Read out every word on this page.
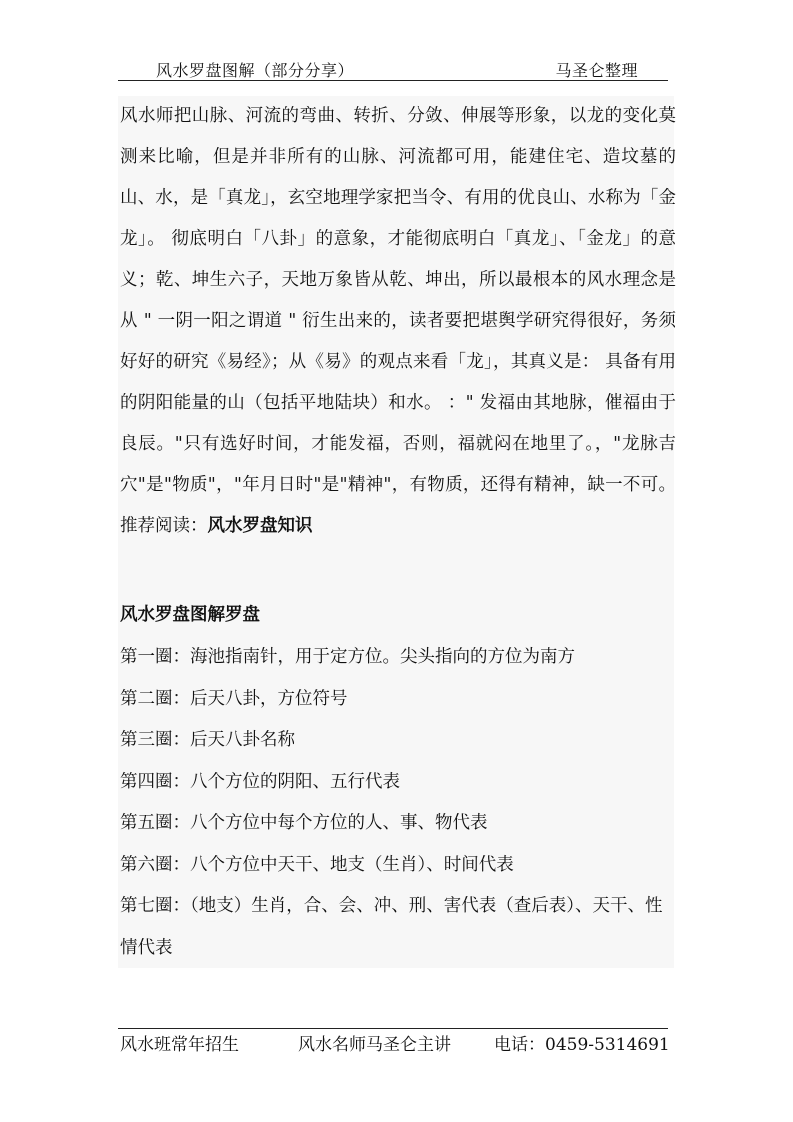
风水罗盘图解（部分分享）	马圣仑整理

风水师把山脉、河流的弯曲、转折、分敛、伸展等形象，以龙的变化莫测来比喻，但是并非所有的山脉、河流都可用，能建住宅、造坟墓的山、水，是「真龙」，玄空地理学家把当令、有用的优良山、水称为「金龙」。 彻底明白「八卦」的意象，才能彻底明白「真龙」、「金龙」的意义；乾、坤生六子，天地万象皆从乾、坤出，所以最根本的风水理念是从 " 一阴一阳之谓道 " 衍生出来的，读者要把堪舆学研究得很好，务须好好的研究《易经》；从《易》的观点来看「龙」，其真义是： 具备有用的阴阳能量的山（包括平地陆块）和水。 ：" 发福由其地脉，催福由于良辰。"只有选好时间，才能发福，否则，福就闷在地里了。，"龙脉吉穴"是"物质"，"年月日时"是"精神"，有物质，还得有精神，缺一不可。 推荐阅读：风水罗盘知识

风水罗盘图解罗盘
第一圈：海池指南针，用于定方位。尖头指向的方位为南方
第二圈：后天八卦，方位符号
第三圈：后天八卦名称
第四圈：八个方位的阴阳、五行代表
第五圈：八个方位中每个方位的人、事、物代表
第六圈：八个方位中天干、地支（生肖）、时间代表
第七圈：（地支）生肖，合、会、冲、刑、害代表（查后表）、天干、性情代表
风水班常年招生	风水名师马圣仑主讲	电话：0459-5314691
